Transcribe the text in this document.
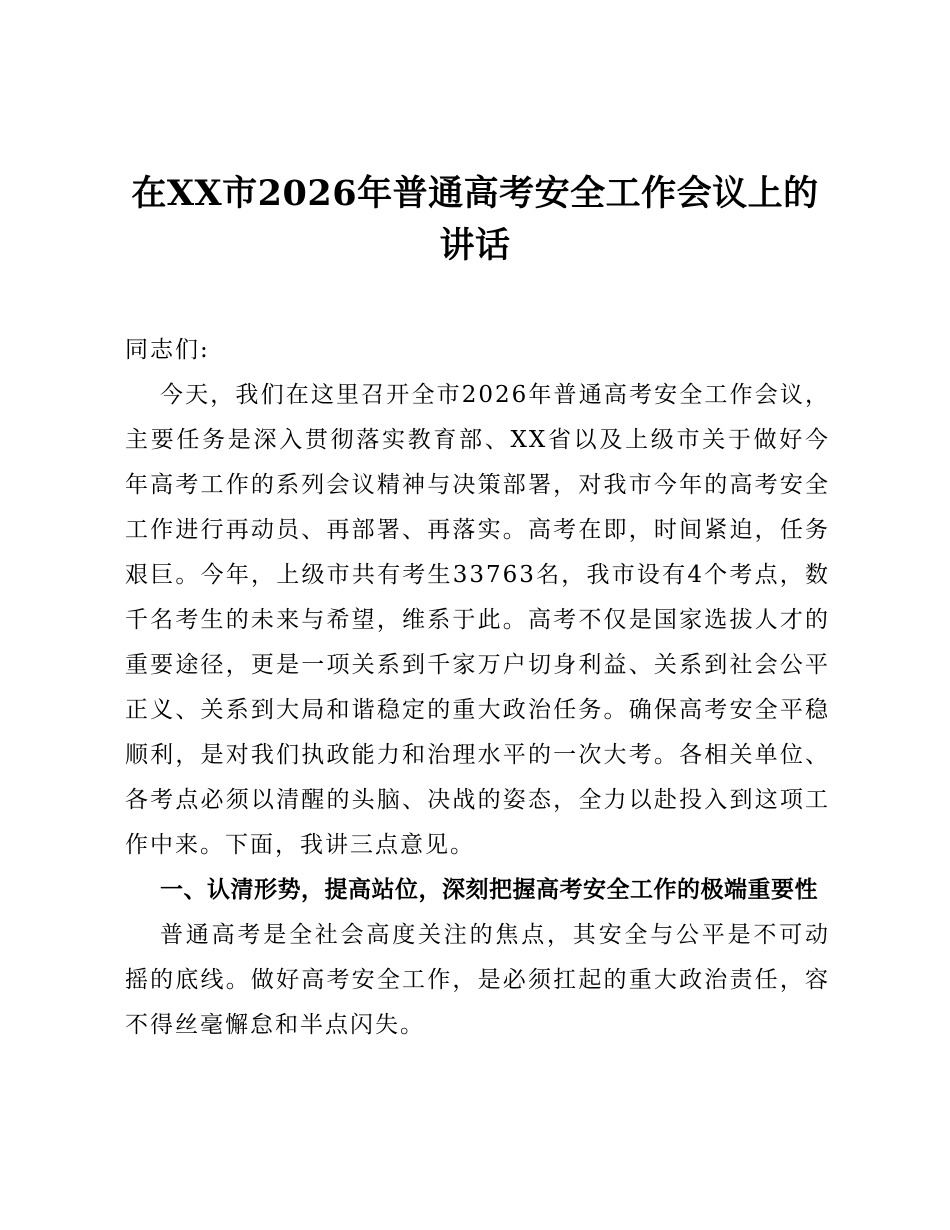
在XX市2026年普通高考安全工作会议上的讲话

同志们:

今天，我们在这里召开全市2026年普通高考安全工作会议，主要任务是深入贯彻落实教育部、XX省以及上级市关于做好今年高考工作的系列会议精神与决策部署，对我市今年的高考安全工作进行再动员、再部署、再落实。高考在即，时间紧迫，任务艰巨。今年，上级市共有考生33763名，我市设有4个考点，数千名考生的未来与希望，维系于此。高考不仅是国家选拔人才的重要途径，更是一项关系到千家万户切身利益、关系到社会公平正义、关系到大局和谐稳定的重大政治任务。确保高考安全平稳顺利，是对我们执政能力和治理水平的一次大考。各相关单位、各考点必须以清醒的头脑、决战的姿态，全力以赴投入到这项工作中来。下面，我讲三点意见。

一、认清形势，提高站位，深刻把握高考安全工作的极端重要性

普通高考是全社会高度关注的焦点，其安全与公平是不可动摇的底线。做好高考安全工作，是必须扛起的重大政治责任，容不得丝毫懈怠和半点闪失。
